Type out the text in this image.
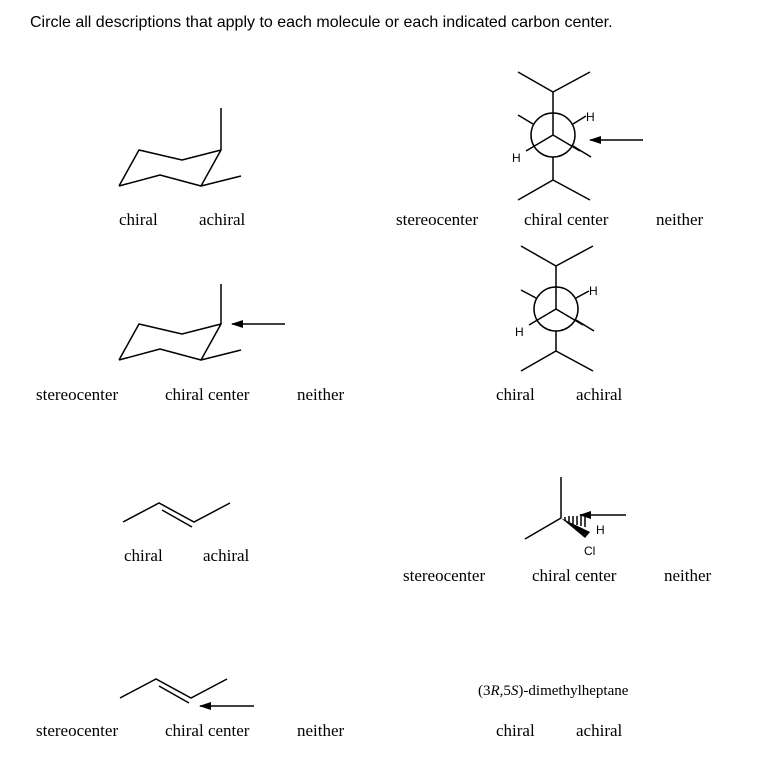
Circle all descriptions that apply to each molecule or each indicated carbon center.
H
H
H
H
H
Cl
chiral achiral	stereocenter	chiral center	neither
stereocenter	chiral center	neither	chiral achiral
chiral achiral
stereocenter	chiral center	neither
stereocenter	chiral center	neither
(3R,5S)-dimethylheptane
chiral achiral
